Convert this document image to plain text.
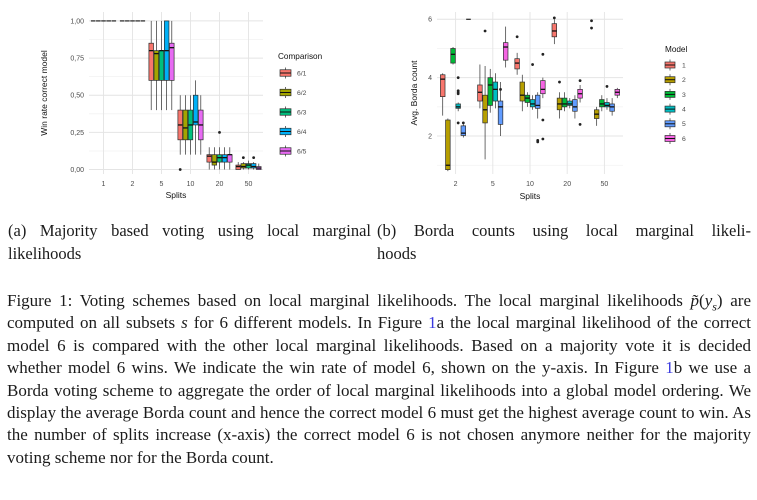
0,00
0,25
0,50
0,75
1,00
1	2	5	10	20	50
Splits
Win rate correct model	Comparison
6/1
6/2
6/3
6/4
6/5
2
4
6
2	5	10	20	50
Splits
Avg. Borda count
Model
1
2
3
4
5
6
(a) Majority based voting using local marginal
likelihoods
(b) Borda counts using local marginal likeli-
hoods
Figure 1: Voting schemes based on local marginal likelihoods. The local marginal likelihoods $p̃(y_s)$ are computed on all subsets s for 6 different models. In Figure 1a the local marginal likelihood of the correct model 6 is compared with the other local marginal likelihoods. Based on a majority vote it is decided whether model 6 wins. We indicate the win rate of model 6, shown on the y-axis. In Figure 1b we use a Borda voting scheme to aggregate the order of local marginal likelihoods into a global model ordering. We display the average Borda count and hence the correct model 6 must get the highest average count to win. As the number of splits increase (x-axis) the correct model 6 is not chosen anymore neither for the majority voting scheme nor for the Borda count.
